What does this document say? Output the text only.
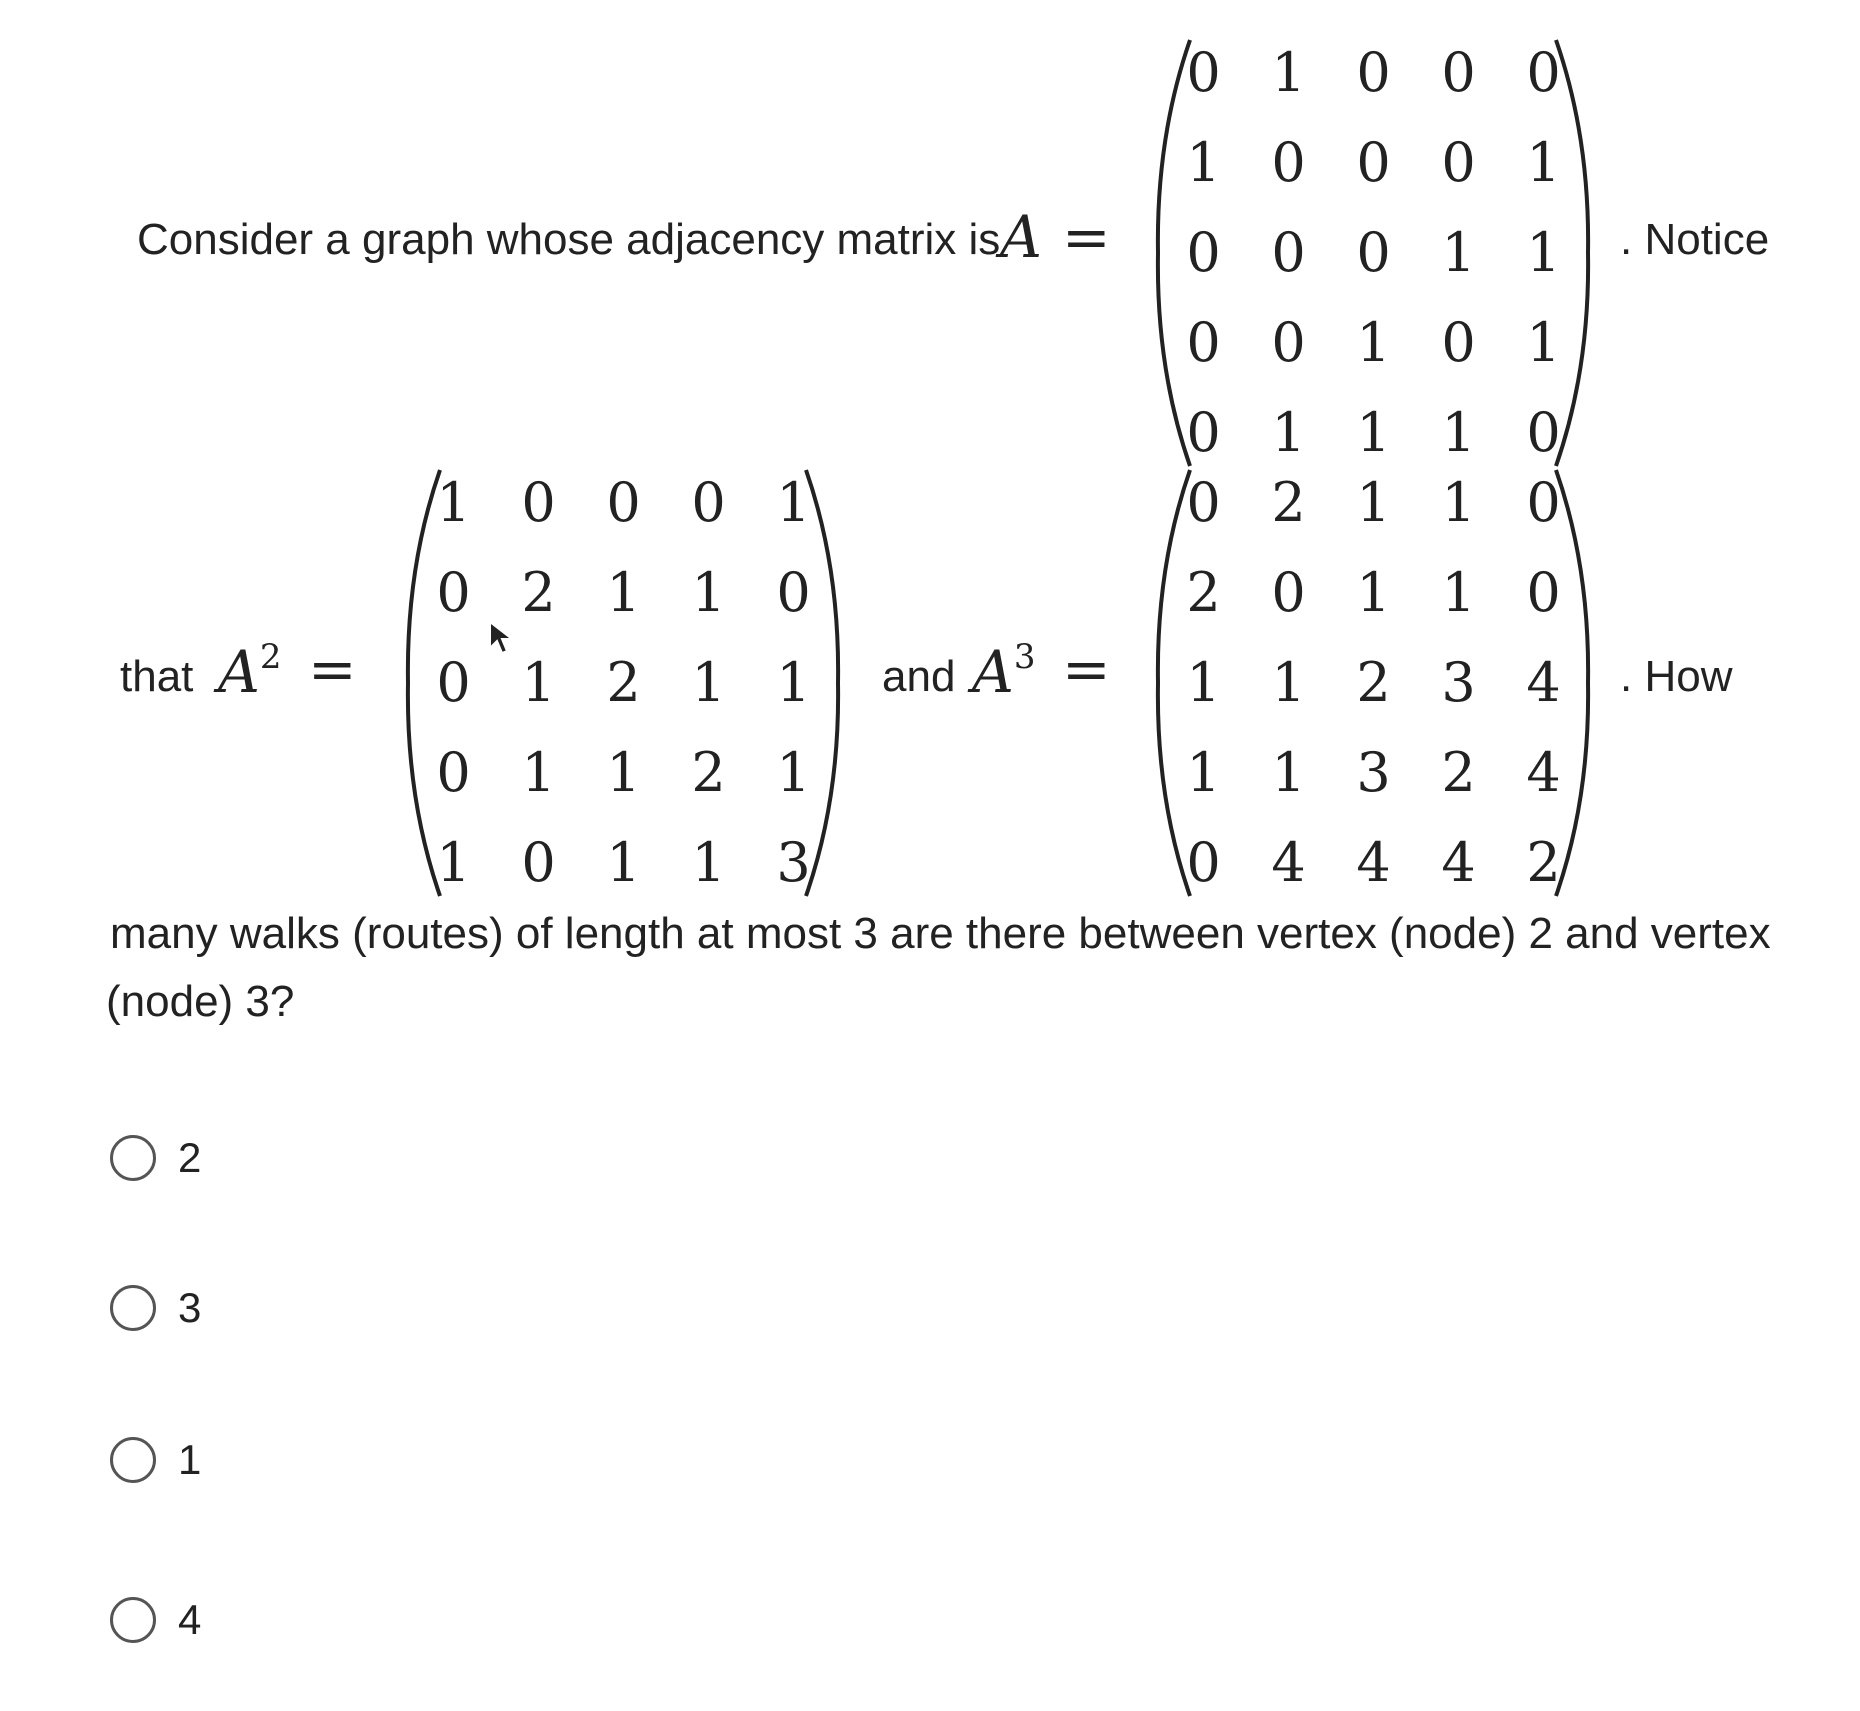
Consider a graph whose adjacency matrix is A =	. Notice
0 1 0 0 0
1 0 0 0 1
0 0 0 1 1
0 0 1 0 1
0 1 1 1 0
that $A^2$ =
1 0 0 0 1
0 2 1 1 0
0 1 2 1 1
0 1 1 2 1
1 0 1 1 3
and $A^3$ =
0 2 1 1 0
2 0 1 1 0
1 1 2 3 4
1 1 3 2 4
0 4 4 4 2
. How
many walks (routes) of length at most 3 are there between vertex (node) 2 and vertex
(node) 3?
2
3
1
4
